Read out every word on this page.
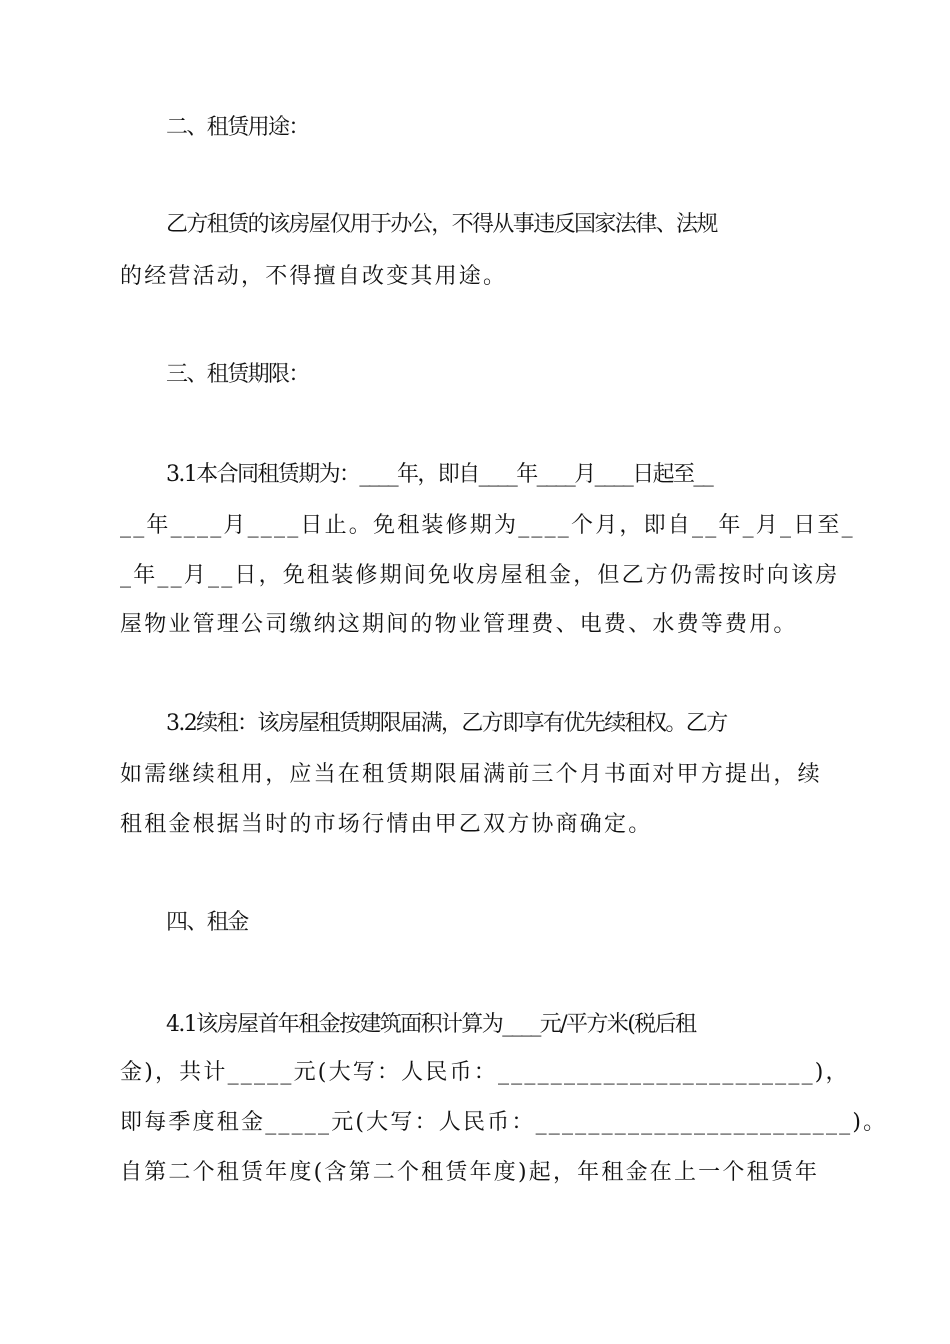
二、租赁用途：
乙方租赁的该房屋仅用于办公，不得从事违反国家法律、法规
的经营活动，不得擅自改变其用途。
三、租赁期限：
3.1本合同租赁期为：____年，即自____年____月____日起至__
__年____月____日止。免租装修期为____个月，即自__年_月_日至_
_年__月__日，免租装修期间免收房屋租金，但乙方仍需按时向该房
屋物业管理公司缴纳这期间的物业管理费、电费、水费等费用。
3.2续租：该房屋租赁期限届满，乙方即享有优先续租权。乙方
如需继续租用，应当在租赁期限届满前三个月书面对甲方提出，续
租租金根据当时的市场行情由甲乙双方协商确定。
四、租金
4.1该房屋首年租金按建筑面积计算为____元/平方米(税后租
金)，共计_____元(大写：人民币：________________________)，
即每季度租金_____元(大写：人民币：________________________)。
自第二个租赁年度(含第二个租赁年度)起，年租金在上一个租赁年
